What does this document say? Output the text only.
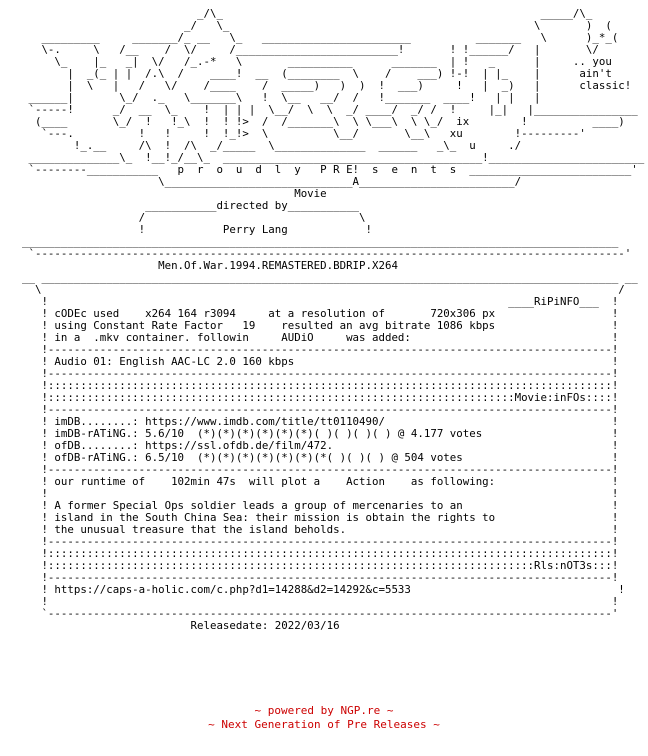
_/\_                                                 _____/\_
_/   \_                                               \       )  (
_________     _______/_ __   \_   _______________________          _______   \      )_*_(
\-.     \   /__    /  \/     /_________________________!       ! !______/   |       \/
\_    |_   _|  \/   /_.-*   \       __________      _______  | !   _      |     .. you
|  _(_ | |  /.\  /    ____!  __  (________  \    /    ___) !-!  | |_    |      ain't
|  \   |   /   \/    /____    /  _____)   )  )  !  ___)     !   |  _)   |      classic!
______|       \_/  ._   \_______\   !  \__   __/  /   !_______  ____!   | |   |
`-----!      _/  __  \_    !  | | |  \__/  \  \  _/ ____/  _/ /  !     |_|   |________________
(____       \_/  !   !_\  !  ! !>  /  /_______\  \ \___\  \ \_/  ix        !          ____)
`---.          !   !     !  !_!>  \          \__/       \__\   xu        !---------'
!_.__     /\  !  /\  _/_____  \______________  ______   _\_  u     ./
______________\_  !__!_/__\_  ________________________________________!________________________
`--------___________   p  r  o  u  d  l  y   P R E!  s  e  n  t  s  _________________________'
\_____________________________A________________________/
Movie
___________directed by___________
/                                 \
!            Perry Lang            !
____________________________________________________________________________________________
`-------------------------------------------------------------------------------------------'
Men.Of.War.1994.REMASTERED.BDRIP.X264
__ _________________________________________________________________________________________ __
\                                                                                         /
!                                                                       ____RiPiNFO___  !
! cODEc used    x264 164 r3094     at a resolution of       720x306 px                  !
! using Constant Rate Factor   19    resulted an avg bitrate 1086 kbps                  !
! in a  .mkv container. followin     AUDiO     was added:                               !
!---------------------------------------------------------------------------------------!
! Audio 01: English AAC-LC 2.0 160 kbps                                                 !
!---------------------------------------------------------------------------------------!
!:::::::::::::::::::::::::::::::::::::::::::::::::::::::::::::::::::::::::::::::::::::::!
!::::::::::::::::::::::::::::::::::::::::::::::::::::::::::::::::::::::::Movie:inFOs::::!
!---------------------------------------------------------------------------------------!
! imDB........: https://www.imdb.com/title/tt0110490/                                   !
! imDB-rATiNG.: 5.6/10  (*)(*)(*)(*)(*)(*)( )( )( )( ) @ 4.177 votes                    !
! ofDB........: https://ssl.ofdb.de/film/472.                                           !
! ofDB-rATiNG.: 6.5/10  (*)(*)(*)(*)(*)(*)(*( )( )( ) @ 504 votes                       !
!---------------------------------------------------------------------------------------!
! our runtime of    102min 47s  will plot a    Action    as following:                  !
!                                                                                       !
! A former Special Ops soldier leads a group of mercenaries to an                       !
! island in the South China Sea: their mission is obtain the rights to                  !
! the unusual treasure that the island beholds.                                         !
!---------------------------------------------------------------------------------------!
!:::::::::::::::::::::::::::::::::::::::::::::::::::::::::::::::::::::::::::::::::::::::!
!:::::::::::::::::::::::::::::::::::::::::::::::::::::::::::::::::::::::::::Rls:nOT3s:::!
!---------------------------------------------------------------------------------------!
! https://caps-a-holic.com/c.php?d1=14288&d2=14292&c=5533                                !
!                                                                                       !
`---------------------------------------------------------------------------------------'
Releasedate: 2022/03/16
~ powered by NGP.re ~
~ Next Generation of Pre Releases ~
